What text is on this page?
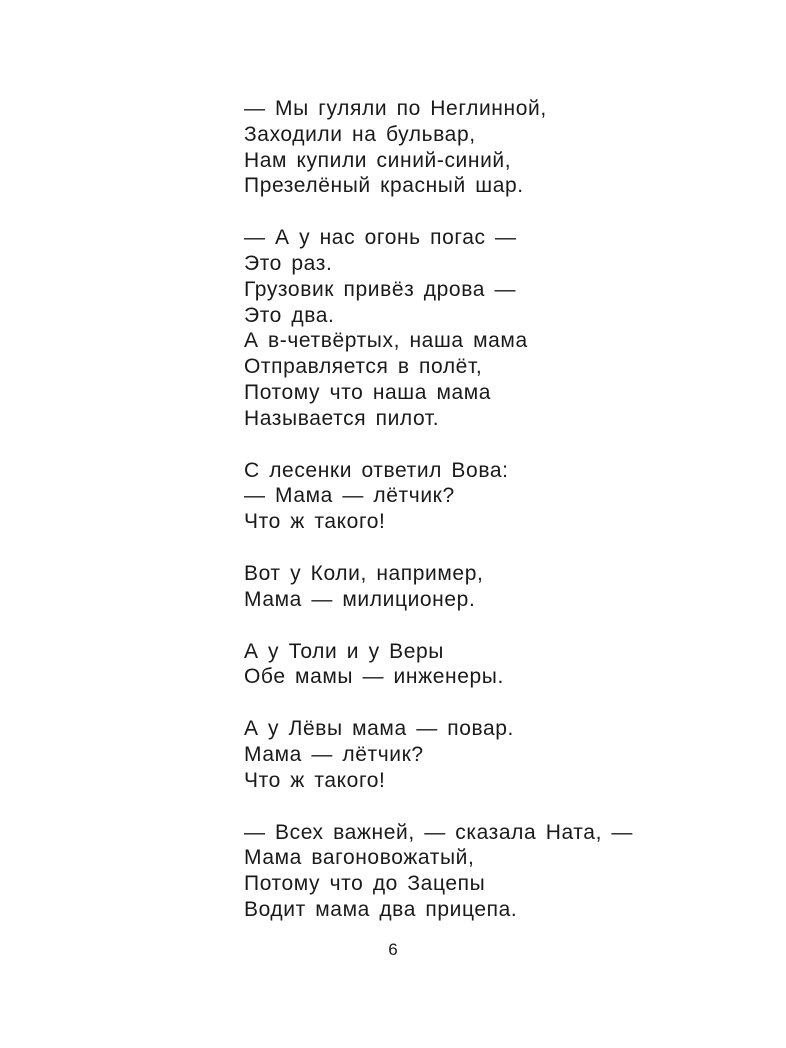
— Мы гуляли по Неглинной,
Заходили на бульвар,
Нам купили синий-синий,
Презелёный красный шар.
— А у нас огонь погас —
Это раз.
Грузовик привёз дрова —
Это два.
А в-четвёртых, наша мама
Отправляется в полёт,
Потому что наша мама
Называется пилот.
С лесенки ответил Вова:
— Мама — лётчик?
Что ж такого!
Вот у Коли, например,
Мама — милиционер.
А у Толи и у Веры
Обе мамы — инженеры.
А у Лёвы мама — повар.
Мама — лётчик?
Что ж такого!
— Всех важней, — сказала Ната, —
Мама вагоновожатый,
Потому что до Зацепы
Водит мама два прицепа.
6
